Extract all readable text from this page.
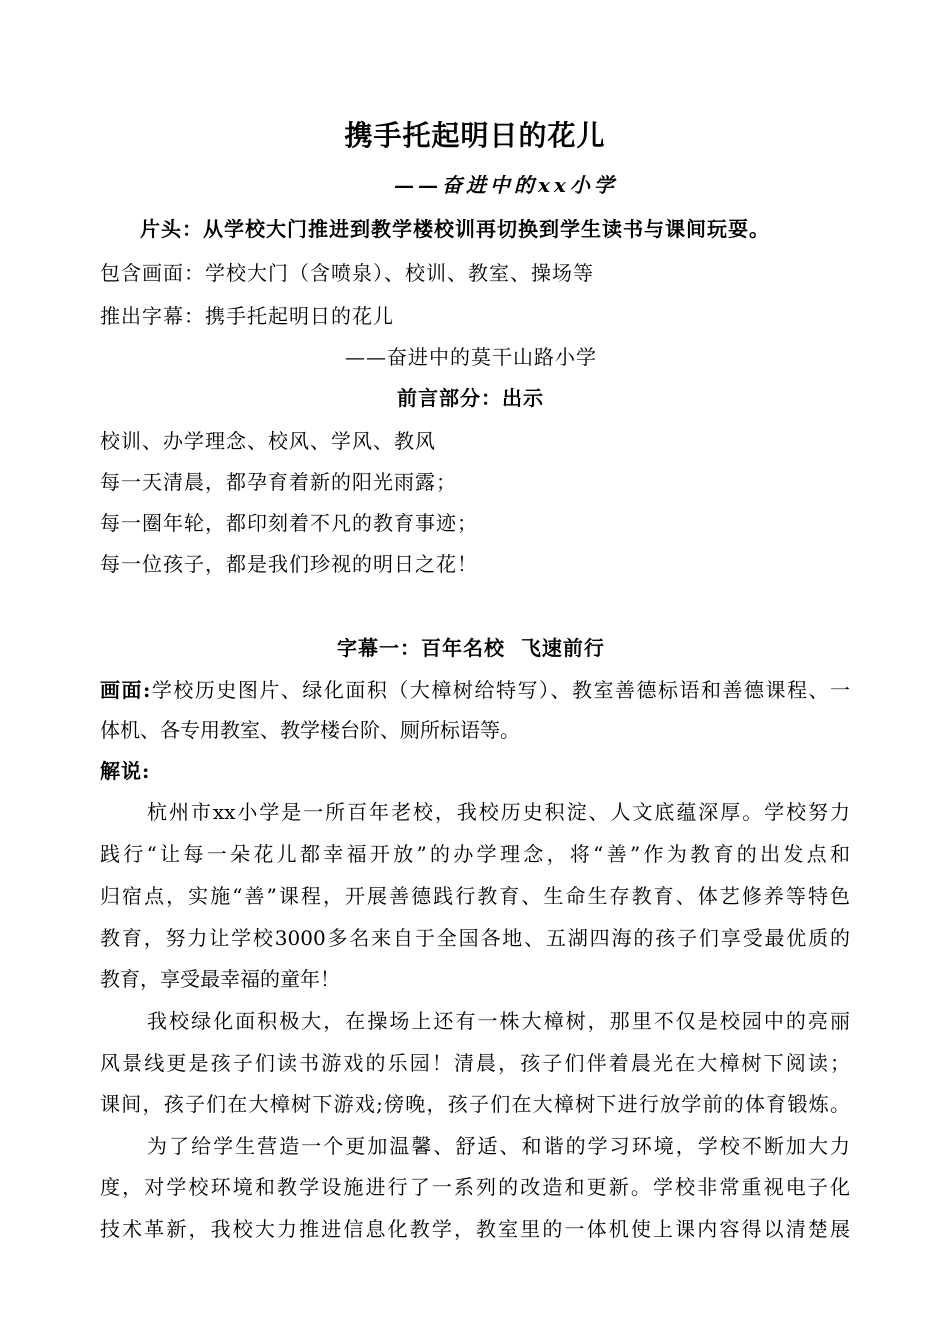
携手托起明日的花儿
——奋进中的xx小学
片头：从学校大门推进到教学楼校训再切换到学生读书与课间玩耍。
包含画面：学校大门（含喷泉）、校训、教室、操场等
推出字幕：携手托起明日的花儿
——奋进中的莫干山路小学
前言部分：出示
校训、办学理念、校风、学风、教风
每一天清晨，都孕育着新的阳光雨露；
每一圈年轮，都印刻着不凡的教育事迹；
每一位孩子，都是我们珍视的明日之花！
字幕一：百年名校  飞速前行
画面:学校历史图片、绿化面积（大樟树给特写）、教室善德标语和善德课程、一
体机、各专用教室、教学楼台阶、厕所标语等。
解说:
杭州市xx小学是一所百年老校，我校历史积淀、人文底蕴深厚。学校努力
践行“让每一朵花儿都幸福开放”的办学理念，将“善”作为教育的出发点和
归宿点，实施“善”课程，开展善德践行教育、生命生存教育、体艺修养等特色
教育，努力让学校3000多名来自于全国各地、五湖四海的孩子们享受最优质的
教育，享受最幸福的童年！
我校绿化面积极大，在操场上还有一株大樟树，那里不仅是校园中的亮丽
风景线更是孩子们读书游戏的乐园！清晨，孩子们伴着晨光在大樟树下阅读；
课间，孩子们在大樟树下游戏;傍晚，孩子们在大樟树下进行放学前的体育锻炼。
为了给学生营造一个更加温馨、舒适、和谐的学习环境，学校不断加大力
度，对学校环境和教学设施进行了一系列的改造和更新。学校非常重视电子化
技术革新，我校大力推进信息化教学，教室里的一体机使上课内容得以清楚展
